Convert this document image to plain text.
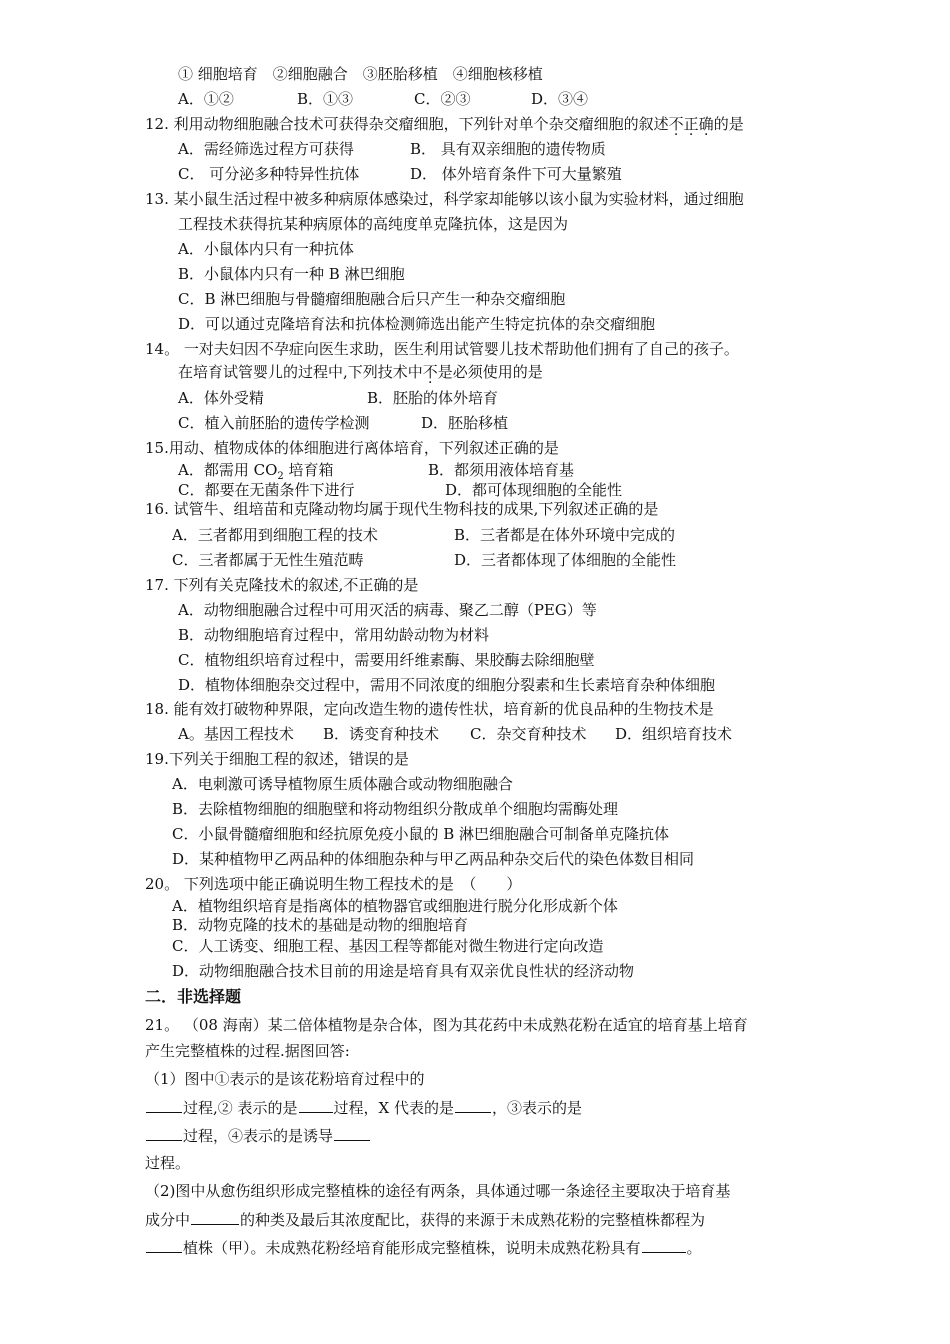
① 细胞培育　②细胞融合　③胚胎移植　④细胞核移植
A．①②	B．①③	C．②③	D．③④
12. 利用动物细胞融合技术可获得杂交瘤细胞，下列针对单个杂交瘤细胞的叙述不正确的是
A．需经筛选过程方可获得	B． 具有双亲细胞的遗传物质
C． 可分泌多种特异性抗体	D． 体外培育条件下可大量繁殖
13. 某小鼠生活过程中被多种病原体感染过，科学家却能够以该小鼠为实验材料，通过细胞
工程技术获得抗某种病原体的高纯度单克隆抗体，这是因为
A．小鼠体内只有一种抗体
B．小鼠体内只有一种 B 淋巴细胞
C．B 淋巴细胞与骨髓瘤细胞融合后只产生一种杂交瘤细胞
D．可以通过克隆培育法和抗体检测筛选出能产生特定抗体的杂交瘤细胞
14。 一对夫妇因不孕症向医生求助，医生利用试管婴儿技术帮助他们拥有了自己的孩子。
在培育试管婴儿的过程中,下列技术中不是必须使用的是
A．体外受精	B．胚胎的体外培育
C．植入前胚胎的遗传学检测	D．胚胎移植
15.用动、植物成体的体细胞进行离体培育，下列叙述正确的是
A．都需用 $CO_2$ 培育箱	B．都须用液体培育基
C．都要在无菌条件下进行	D．都可体现细胞的全能性
16. 试管牛、组培苗和克隆动物均属于现代生物科技的成果,下列叙述正确的是
A．三者都用到细胞工程的技术	B．三者都是在体外环境中完成的
C．三者都属于无性生殖范畴	D．三者都体现了体细胞的全能性
17. 下列有关克隆技术的叙述,不正确的是
A．动物细胞融合过程中可用灭活的病毒、聚乙二醇（PEG）等
B．动物细胞培育过程中，常用幼龄动物为材料
C．植物组织培育过程中，需要用纤维素酶、果胶酶去除细胞壁
D．植物体细胞杂交过程中，需用不同浓度的细胞分裂素和生长素培育杂种体细胞
18. 能有效打破物种界限，定向改造生物的遗传性状，培育新的优良品种的生物技术是
A。基因工程技术 B．诱变育种技术 C．杂交育种技术 D．组织培育技术
19.下列关于细胞工程的叙述，错误的是
A．电刺激可诱导植物原生质体融合或动物细胞融合
B．去除植物细胞的细胞壁和将动物组织分散成单个细胞均需酶处理
C．小鼠骨髓瘤细胞和经抗原免疫小鼠的 B 淋巴细胞融合可制备单克隆抗体
D．某种植物甲乙两品种的体细胞杂种与甲乙两品种杂交后代的染色体数目相同
20。 下列选项中能正确说明生物工程技术的是　（　　）
A．植物组织培育是指离体的植物器官或细胞进行脱分化形成新个体
B．动物克隆的技术的基础是动物的细胞培育
C．人工诱变、细胞工程、基因工程等都能对微生物进行定向改造
D．动物细胞融合技术目前的用途是培育具有双亲优良性状的经济动物
二．非选择题
21。 （08 海南）某二倍体植物是杂合体，图为其花药中未成熟花粉在适宜的培育基上培育
产生完整植株的过程.据图回答:
（1）图中①表示的是该花粉培育过程中的
过程,② 表示的是 过程，X 代表的是	，③表示的是
过程，④表示的是诱导
过程。
（2)图中从愈伤组织形成完整植株的途径有两条，具体通过哪一条途径主要取决于培育基
成分中	的种类及最后其浓度配比，获得的来源于未成熟花粉的完整植株都程为
植株（甲）。未成熟花粉经培育能形成完整植株，说明未成熟花粉具有	。
